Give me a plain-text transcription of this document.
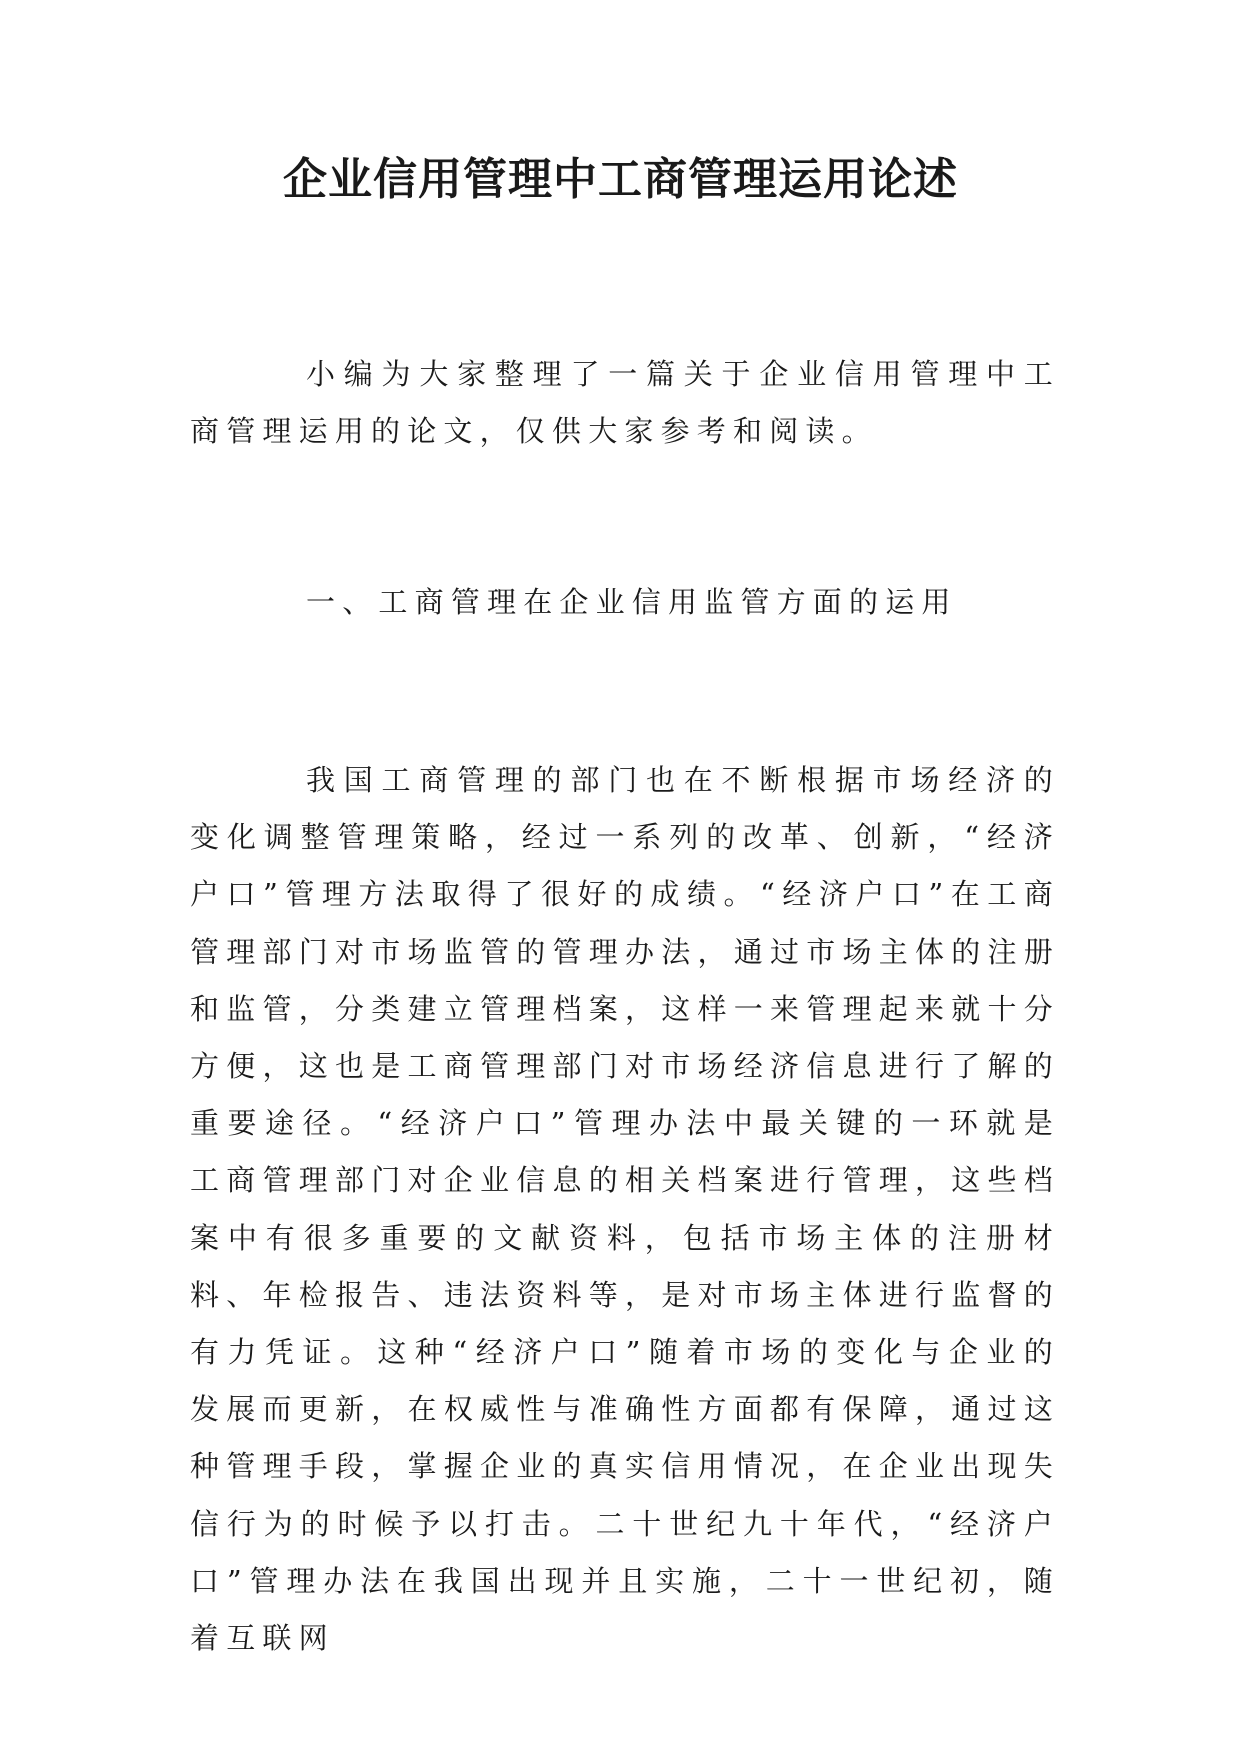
企业信用管理中工商管理运用论述

小编为大家整理了一篇关于企业信用管理中工商管理运用的论文，仅供大家参考和阅读。

一、工商管理在企业信用监管方面的运用

我国工商管理的部门也在不断根据市场经济的变化调整管理策略，经过一系列的改革、创新，“经济户口”管理方法取得了很好的成绩。“经济户口”在工商管理部门对市场监管的管理办法，通过市场主体的注册和监管，分类建立管理档案，这样一来管理起来就十分方便，这也是工商管理部门对市场经济信息进行了解的重要途径。“经济户口”管理办法中最关键的一环就是工商管理部门对企业信息的相关档案进行管理，这些档案中有很多重要的文献资料，包括市场主体的注册材料、年检报告、违法资料等，是对市场主体进行监督的有力凭证。这种“经济户口”随着市场的变化与企业的发展而更新，在权威性与准确性方面都有保障，通过这种管理手段，掌握企业的真实信用情况，在企业出现失信行为的时候予以打击。二十世纪九十年代，“经济户口”管理办法在我国出现并且实施，二十一世纪初，随着互联网
